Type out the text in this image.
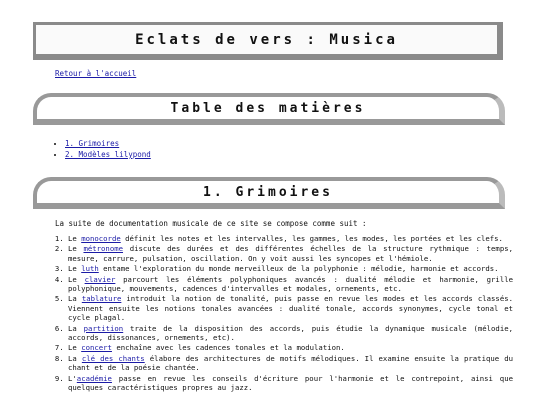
Eclats de vers : Musica
Retour à l'accueil
Table des matières
• 1. Grimoires
• 2. Modèles lilypond
1. Grimoires

La suite de documentation musicale de ce site se compose comme suit :

1. Le monocorde définit les notes et les intervalles, les gammes, les modes, les portées et les clefs.
2. Le métronome discute des durées et des différentes échelles de la structure rythmique : temps, mesure, carrure, pulsation, oscillation. On y voit aussi les syncopes et l'hémiole.
3. Le luth entame l'exploration du monde merveilleux de la polyphonie : mélodie, harmonie et accords.
4. Le clavier parcourt les éléments polyphoniques avancés : dualité mélodie et harmonie, grille polyphonique, mouvements, cadences d'intervalles et modales, ornements, etc.
5. La tablature introduit la notion de tonalité, puis passe en revue les modes et les accords classés. Viennent ensuite les notions tonales avancées : dualité tonale, accords synonymes, cycle tonal et cycle plagal.
6. La partition traite de la disposition des accords, puis étudie la dynamique musicale (mélodie, accords, dissonances, ornements, etc).
7. Le concert enchaîne avec les cadences tonales et la modulation.
8. La clé des chants élabore des architectures de motifs mélodiques. Il examine ensuite la pratique du chant et de la poésie chantée.
9. L'académie passe en revue les conseils d'écriture pour l'harmonie et le contrepoint, ainsi que quelques caractéristiques propres au jazz.
